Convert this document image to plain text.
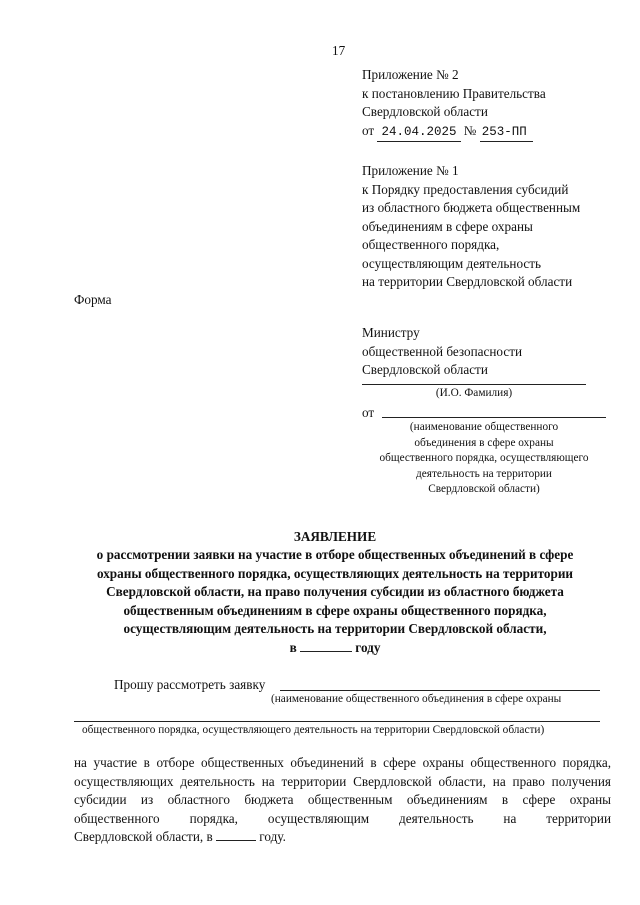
17
Приложение № 2
к постановлению Правительства
Свердловской области
от 24.04.2025 № 253-ПП
Приложение № 1
к Порядку предоставления субсидий
из областного бюджета общественным
объединениям в сфере охраны
общественного порядка,
осуществляющим деятельность
на территории Свердловской области
Форма
Министру
общественной безопасности
Свердловской области
(И.О. Фамилия)
от
(наименование общественного
объединения в сфере охраны
общественного порядка, осуществляющего
деятельность на территории
Свердловской области)
ЗАЯВЛЕНИЕ
о рассмотрении заявки на участие в отборе общественных объединений в сфере
охраны общественного порядка, осуществляющих деятельность на территории
Свердловской области, на право получения субсидии из областного бюджета
общественным объединениям в сфере охраны общественного порядка,
осуществляющим деятельность на территории Свердловской области,
в	году
Прошу рассмотреть заявку
(наименование общественного объединения в сфере охраны
общественного порядка, осуществляющего деятельность на территории Свердловской области)
на участие в отборе общественных объединений в сфере охраны общественного порядка,
осуществляющих деятельность на территории Свердловской области, на право получения
субсидии из областного бюджета общественным объединениям в сфере охраны
общественного порядка, осуществляющим деятельность на территории
Свердловской области, в	году.
